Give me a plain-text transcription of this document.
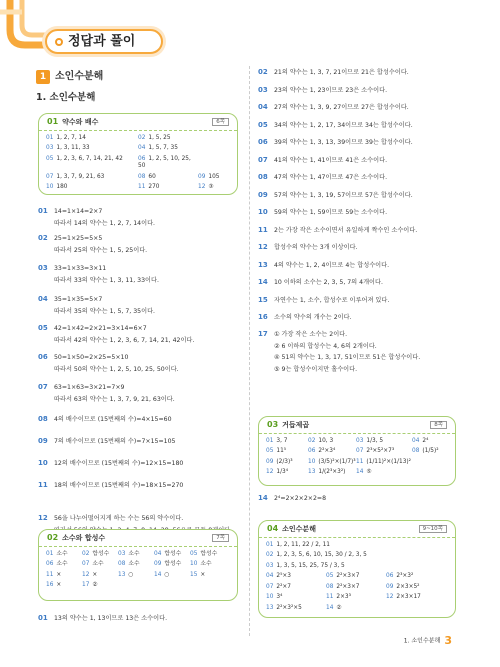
정답과 풀이
1 소인수분해
1. 소인수분해
01 약수와 배수	6쪽
01 1, 2, 7, 14	02 1, 5, 25
03 1, 3, 11, 33	04 1, 5, 7, 35
05 1, 2, 3, 6, 7, 14, 21, 42	06 1, 2, 5, 10, 25, 50
07 1, 3, 7, 9, 21, 63	08 60	09 105
10 180	11 270	12 ③
01 14=1×14=2×7
따라서 14의 약수는 1, 2, 7, 14이다.
02 25=1×25=5×5
따라서 25의 약수는 1, 5, 25이다.
03 33=1×33=3×11
따라서 33의 약수는 1, 3, 11, 33이다.
04 35=1×35=5×7
따라서 35의 약수는 1, 5, 7, 35이다.
05 42=1×42=2×21=3×14=6×7
따라서 42의 약수는 1, 2, 3, 6, 7, 14, 21, 42이다.
06 50=1×50=2×25=5×10
따라서 50의 약수는 1, 2, 5, 10, 25, 50이다.
07 63=1×63=3×21=7×9
따라서 63의 약수는 1, 3, 7, 9, 21, 63이다.
08 4의 배수이므로 (15번째의 수)=4×15=60
09 7의 배수이므로 (15번째의 수)=7×15=105
10 12의 배수이므로 (15번째의 수)=12×15=180
11 18의 배수이므로 (15번째의 수)=18×15=270
12 56을 나누어떨어지게 하는 수는 56의 약수이다.
02 소수와 합성수	7쪽
01 소수	02 합성수	03 소수	04 합성수	05 합성수
06 소수	07 소수	08 소수	09 합성수	10 소수
11 ×	12 ×	13 ○	14 ○	15 ×
16 ×	17 ②
01 13의 약수는 1, 13이므로 13은 소수이다.
02 21의 약수는 1, 3, 7, 21이므로 21은 합성수이다.
03 23의 약수는 1, 23이므로 23은 소수이다.
04 27의 약수는 1, 3, 9, 27이므로 27은 합성수이다.
05 34의 약수는 1, 2, 17, 34이므로 34는 합성수이다.
06 39의 약수는 1, 3, 13, 39이므로 39는 합성수이다.
07 41의 약수는 1, 41이므로 41은 소수이다.
08 47의 약수는 1, 47이므로 47은 소수이다.
09 57의 약수는 1, 3, 19, 57이므로 57은 합성수이다.
10 59의 약수는 1, 59이므로 59는 소수이다.
11 2는 가장 작은 소수이면서 유일하게 짝수인 소수이다.
12 합성수의 약수는 3개 이상이다.
13 4의 약수는 1, 2, 4이므로 4는 합성수이다.
14 10 이하의 소수는 2, 3, 5, 7의 4개이다.
15 자연수는 1, 소수, 합성수로 이루어져 있다.
16 소수의 약수의 개수는 2이다.
17 ① 가장 작은 소수는 2이다.
② 6 이하의 합성수는 4, 6의 2개이다.
④ 51의 약수는 1, 3, 17, 51이므로 51은 합성수이다.
⑤ 9는 합성수이지만 홀수이다.
03 거듭제곱	8쪽
01 3, 7	02 10, 3	03 1/3, 5	04 2⁴
05 11⁵	06 2²×3⁴	07 2³×5²×7³	08 (1/5)²
09 (2/3)³	10 (3/5)²×(1/7)³ 11 (1/11)²×(1/13)²
12 1/3⁴	13 1/(2³×3²)	14 ⑤
14 2⁴=2×2×2×2=8
04 소인수분해	9~10쪽
01 1, 2, 11, 22 / 2, 11
02 1, 2, 3, 5, 6, 10, 15, 30 / 2, 3, 5
03 1, 3, 5, 15, 25, 75 / 3, 5
04 2⁵×3	05 2²×3×7	06 2³×3²
07 2²×7	08 2²×3×7	09 2×3×5²
10 3⁴	11 2×3³	12 2×3×17
13 2²×3²×5	14 ②
1. 소인수분해 3
